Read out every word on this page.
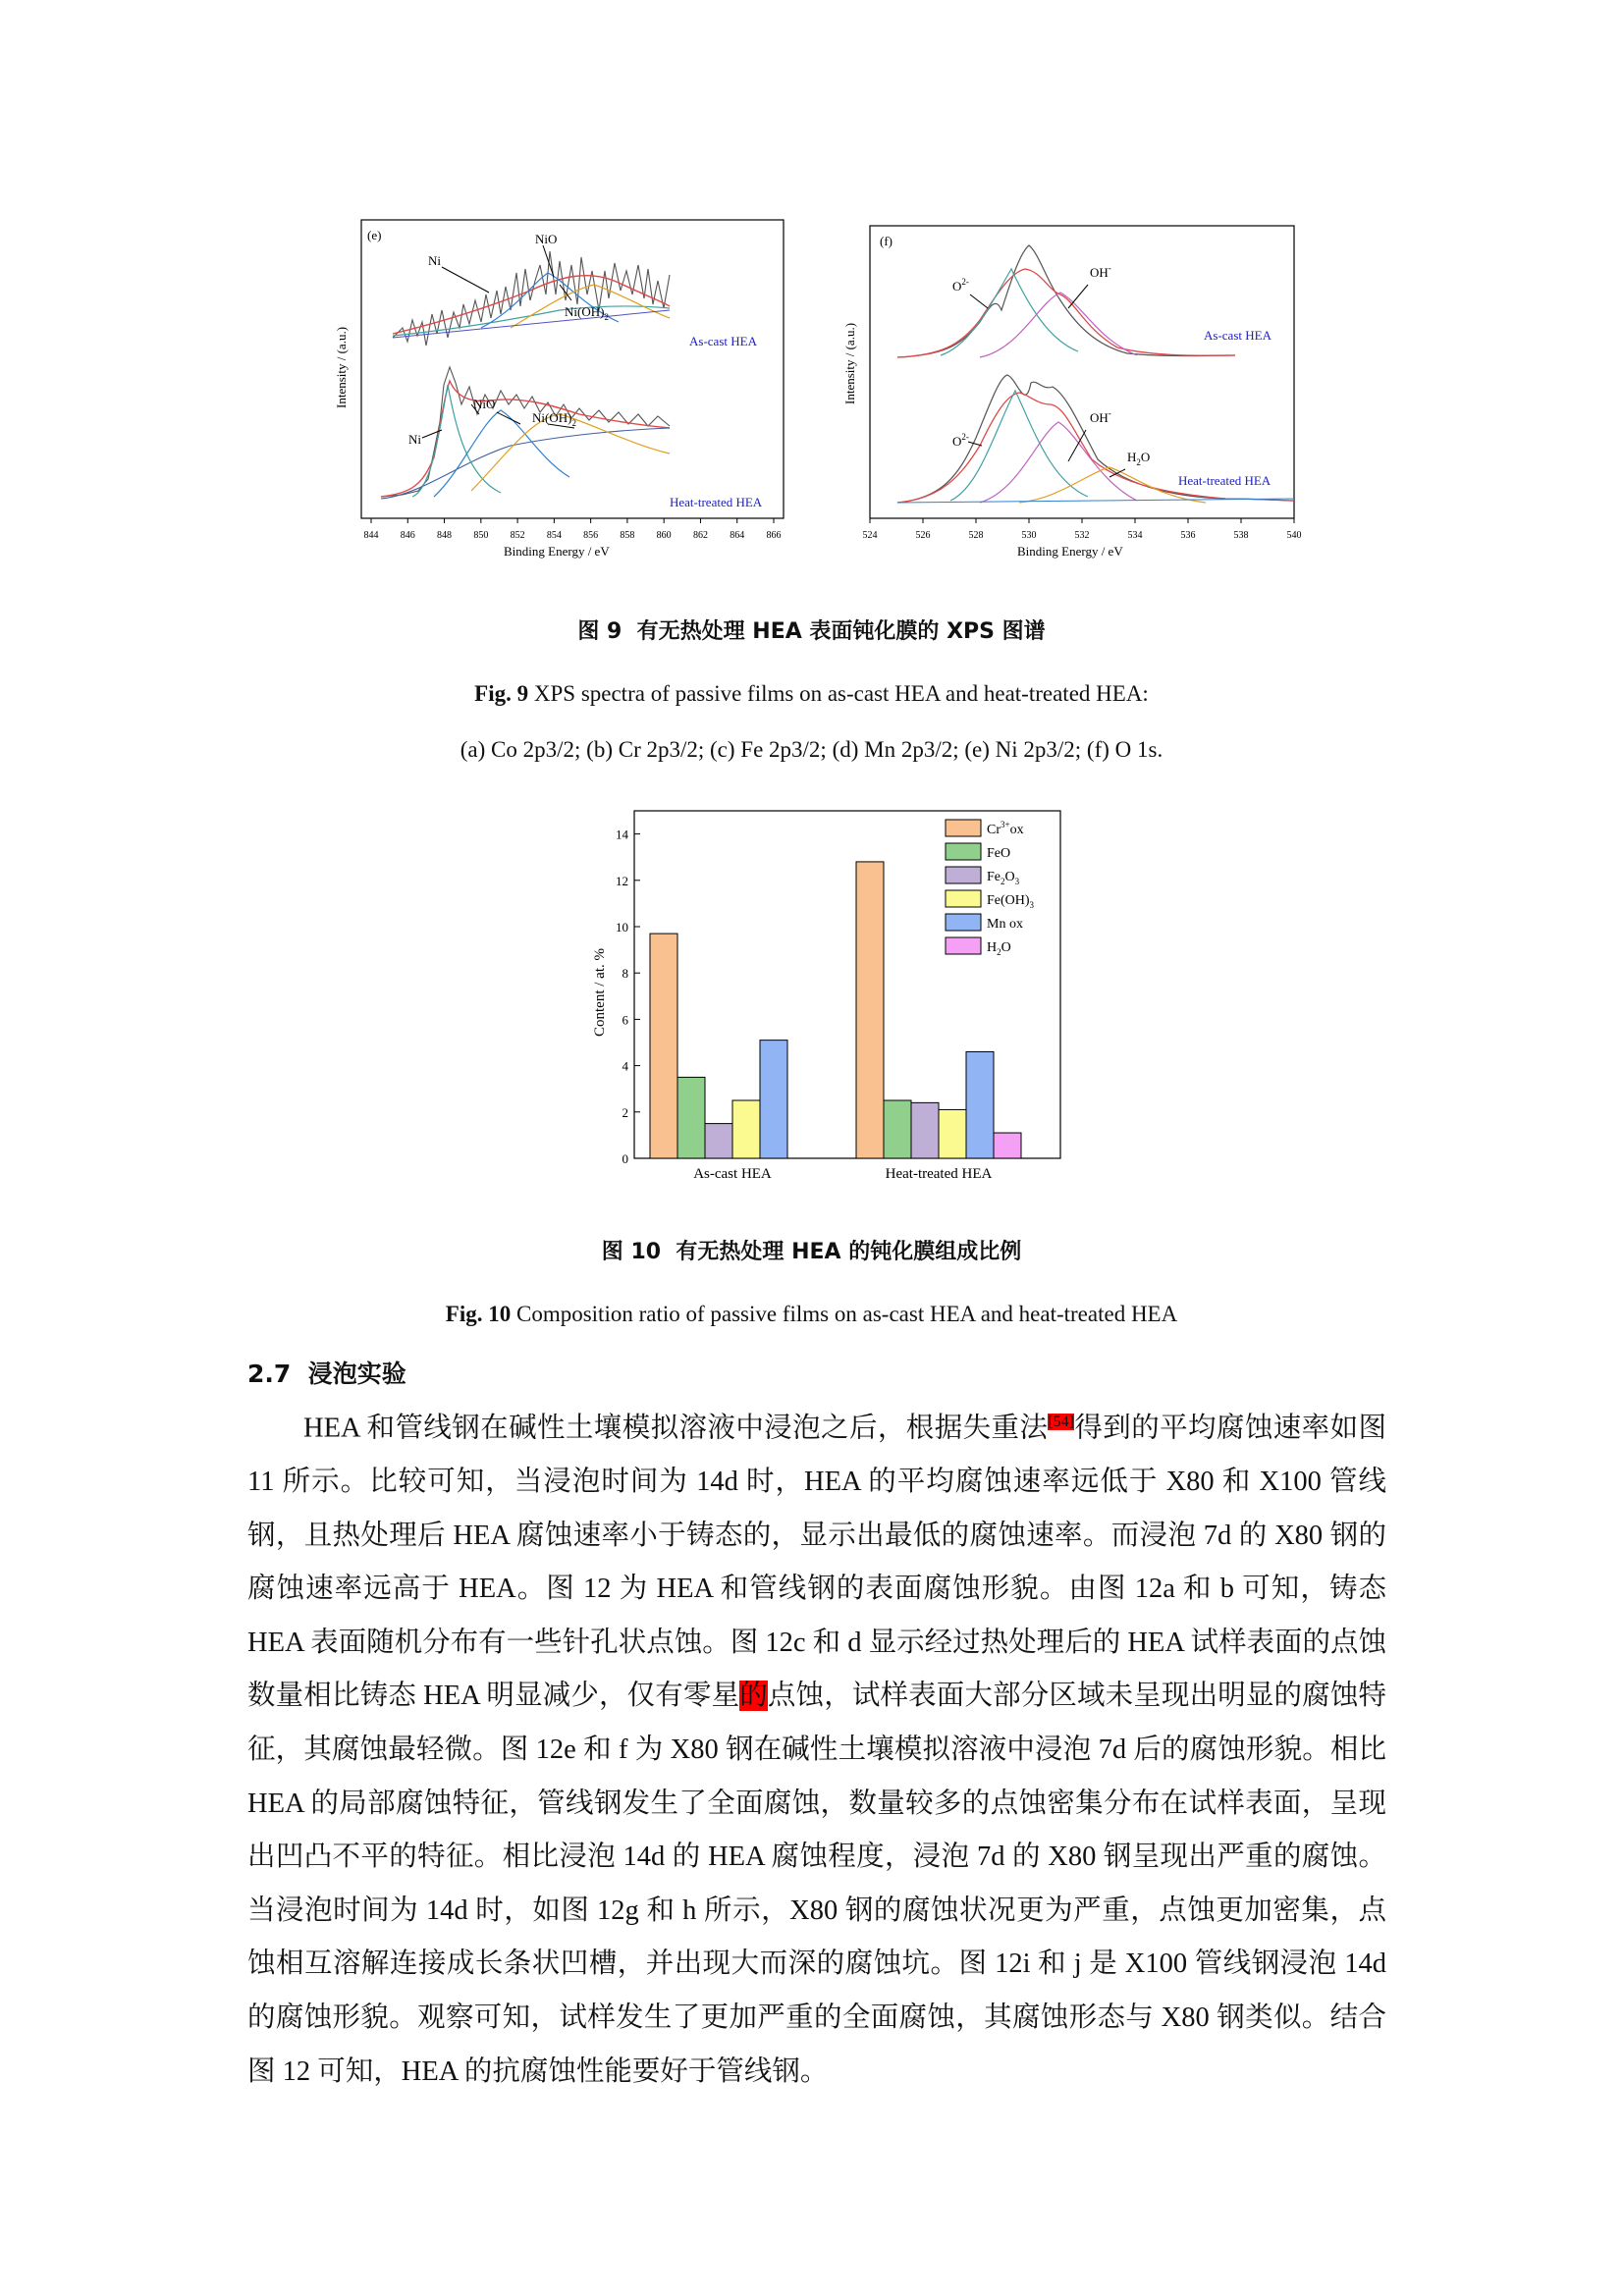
(e)
Intensity / (a.u.)
Binding Energy / eV
844 846 848 850 852 854 856 858 860 862 864 866
Ni
NiO
$Ni(OH)_2$
As-cast HEA
Ni
NiO
$Ni(OH)_2$
Heat-treated HEA
(f)
Intensity / (a.u.)
Binding Energy / eV
524	526	528	530	532	534	536	538	540
$O^{2-}$
OH-
As-cast HEA
$O^{2-}$
OH-
$H_2O$
Heat-treated HEA
图 9 有无热处理 HEA 表面钝化膜的 XPS 图谱
Fig. 9 XPS spectra of passive films on as-cast HEA and heat-treated HEA:
(a) Co 2p3/2; (b) Cr 2p3/2; (c) Fe 2p3/2; (d) Mn 2p3/2; (e) Ni 2p3/2; (f) O 1s.
Content / at. %
0
2
4
6
8
10
12
14
As-cast HEA	Heat-treated HEA
$Cr^{3+}ox$
FeO
$Fe_2O_3$
$Fe(OH)_3$
Mn ox
$H_2O$
图 10 有无热处理 HEA 的钝化膜组成比例
Fig. 10 Composition ratio of passive films on as-cast HEA and heat-treated HEA
2.7 浸泡实验
HEA 和管线钢在碱性土壤模拟溶液中浸泡之后，根据失重法[54]得到的平均腐蚀速率如图 11 所示。比较可知，当浸泡时间为 14d 时，HEA 的平均腐蚀速率远低于 X80 和 X100 管线钢，且热处理后 HEA 腐蚀速率小于铸态的，显示出最低的腐蚀速率。而浸泡 7d 的 X80 钢的腐蚀速率远高于 HEA。图 12 为 HEA 和管线钢的表面腐蚀形貌。由图 12a 和 b 可知，铸态 HEA 表面随机分布有一些针孔状点蚀。图 12c 和 d 显示经过热处理后的 HEA 试样表面的点蚀数量相比铸态 HEA 明显减少，仅有零星的点蚀，试样表面大部分区域未呈现出明显的腐蚀特征，其腐蚀最轻微。图 12e 和 f 为 X80 钢在碱性土壤模拟溶液中浸泡 7d 后的腐蚀形貌。相比 HEA 的局部腐蚀特征，管线钢发生了全面腐蚀，数量较多的点蚀密集分布在试样表面，呈现出凹凸不平的特征。相比浸泡 14d 的 HEA 腐蚀程度，浸泡 7d 的 X80 钢呈现出严重的腐蚀。当浸泡时间为 14d 时，如图 12g 和 h 所示，X80 钢的腐蚀状况更为严重，点蚀更加密集，点蚀相互溶解连接成长条状凹槽，并出现大而深的腐蚀坑。图 12i 和 j 是 X100 管线钢浸泡 14d 的腐蚀形貌。观察可知，试样发生了更加严重的全面腐蚀，其腐蚀形态与 X80 钢类似。结合图 12 可知，HEA 的抗腐蚀性能要好于管线钢。
